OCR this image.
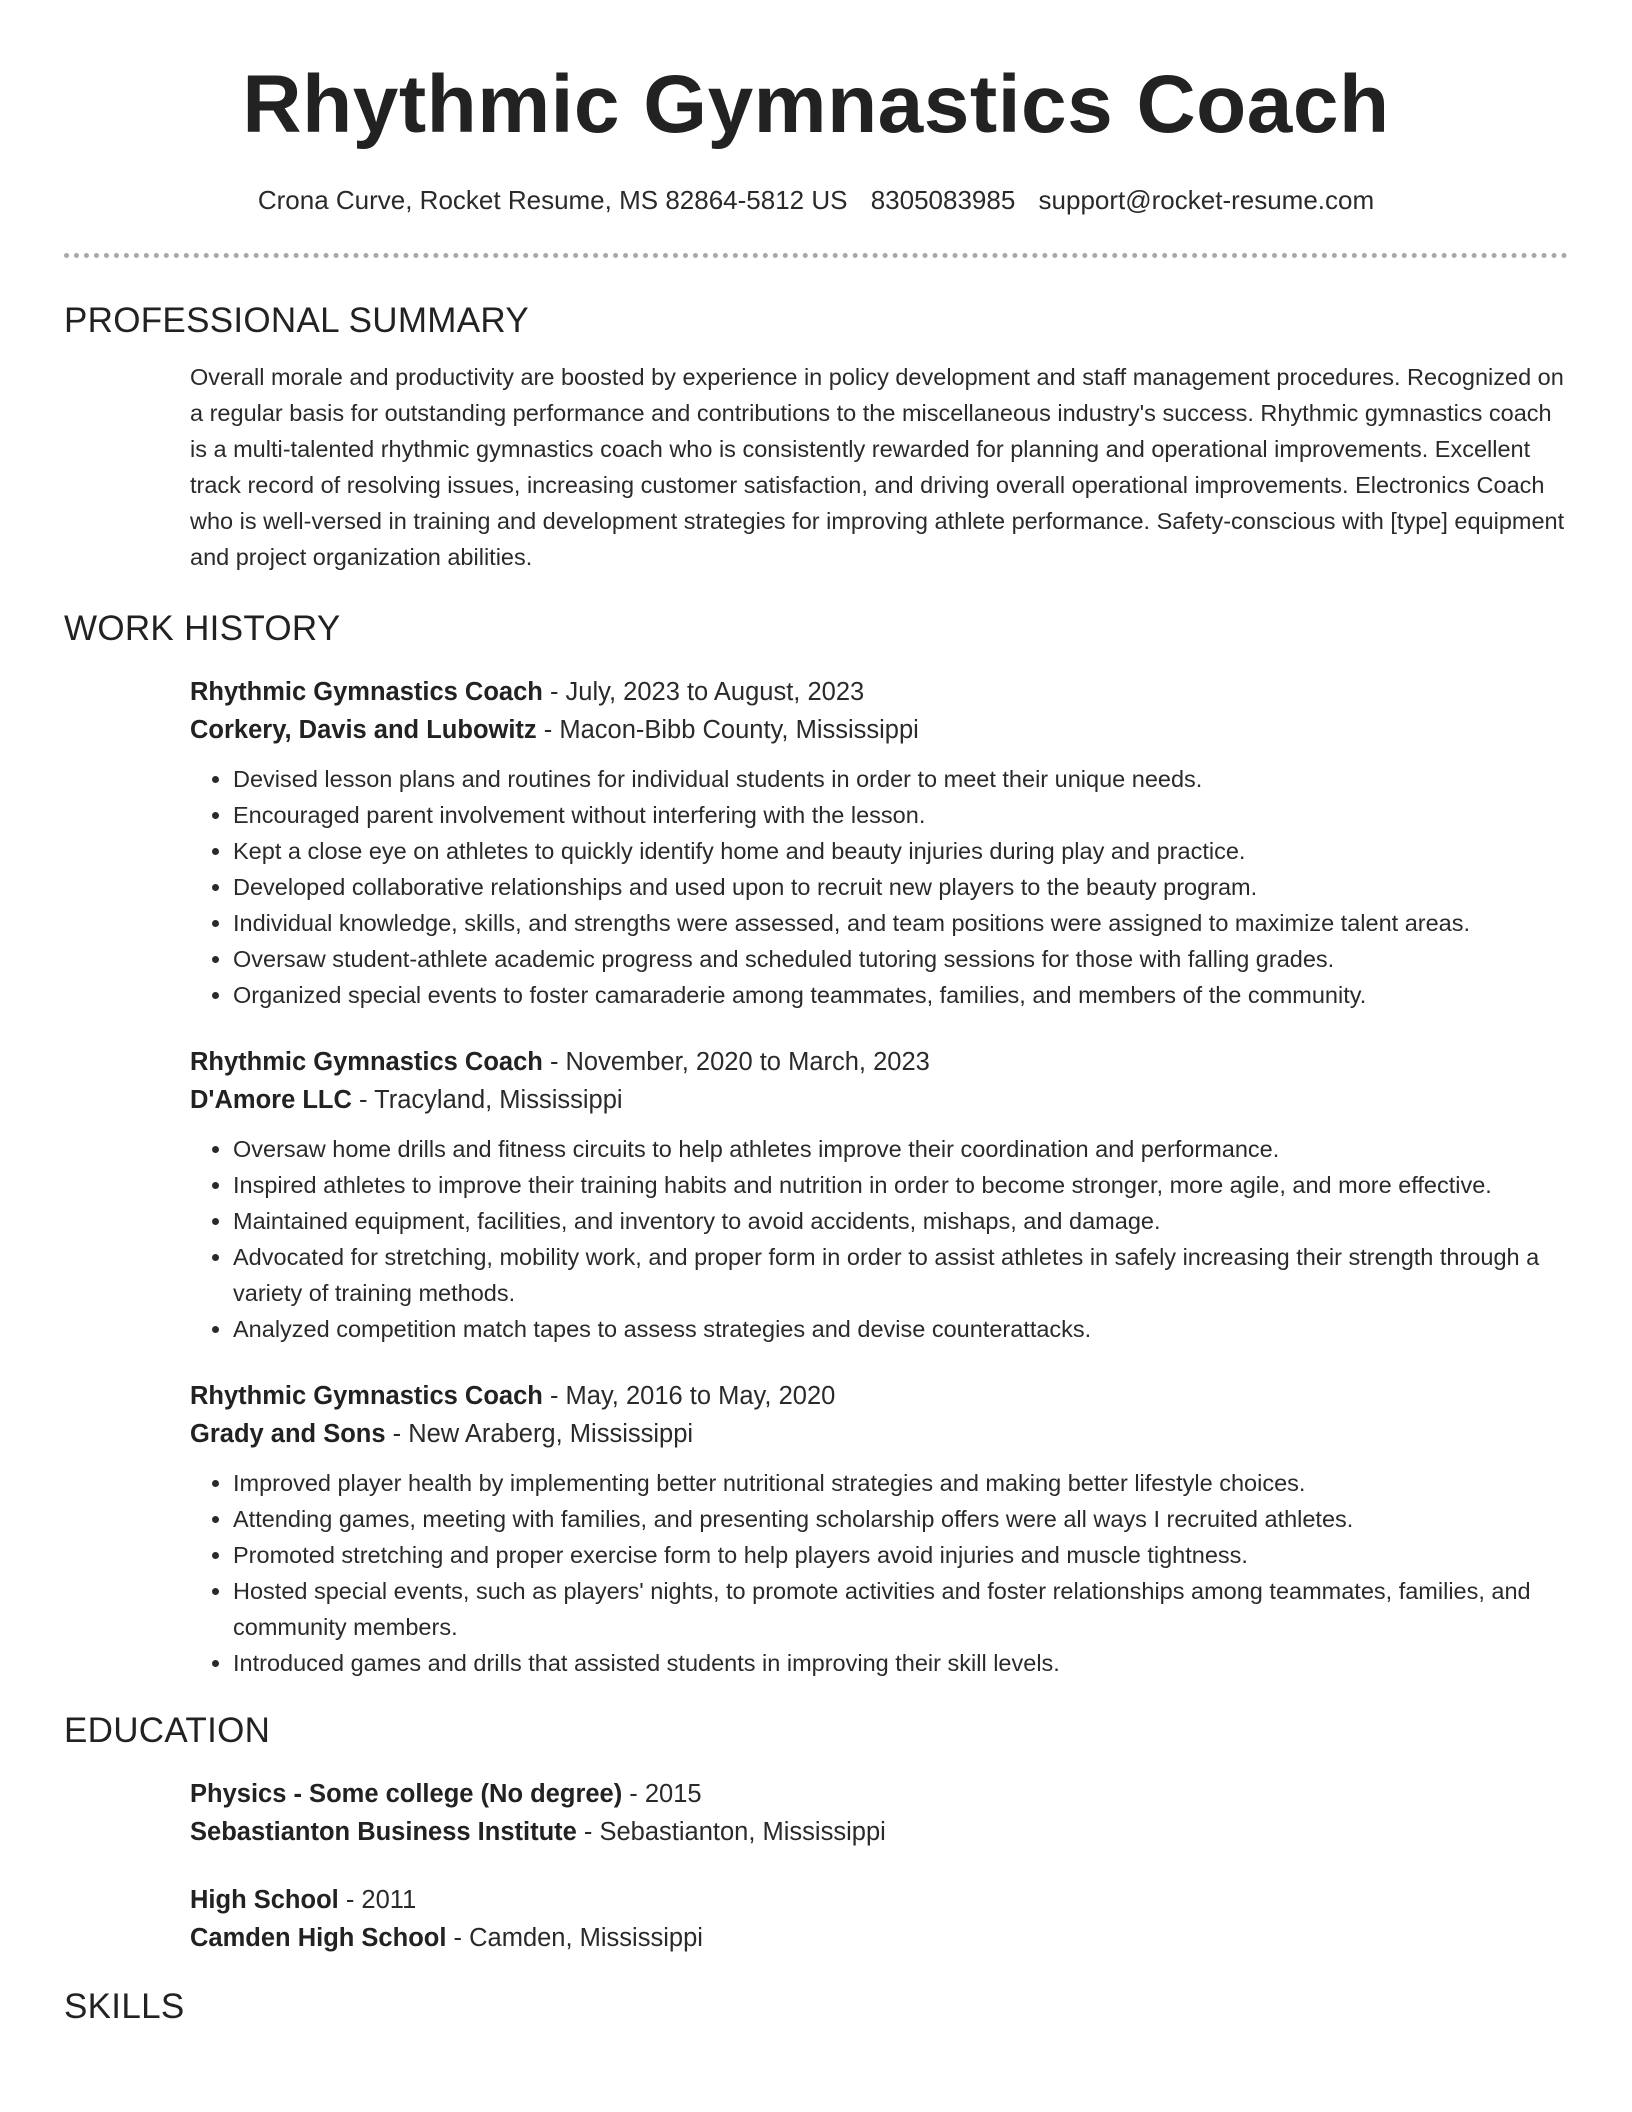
Rhythmic Gymnastics Coach
Crona Curve, Rocket Resume, MS 82864-5812 US 8305083985 support@rocket-resume.com
PROFESSIONAL SUMMARY

Overall morale and productivity are boosted by experience in policy development and staff management procedures. Recognized on a regular basis for outstanding performance and contributions to the miscellaneous industry's success. Rhythmic gymnastics coach is a multi-talented rhythmic gymnastics coach who is consistently rewarded for planning and operational improvements. Excellent track record of resolving issues, increasing customer satisfaction, and driving overall operational improvements. Electronics Coach who is well-versed in training and development strategies for improving athlete performance. Safety-conscious with [type] equipment and project organization abilities.

WORK HISTORY
Rhythmic Gymnastics Coach - July, 2023 to August, 2023
Corkery, Davis and Lubowitz - Macon-Bibb County, Mississippi
• Devised lesson plans and routines for individual students in order to meet their unique needs.
• Encouraged parent involvement without interfering with the lesson.
• Kept a close eye on athletes to quickly identify home and beauty injuries during play and practice.
• Developed collaborative relationships and used upon to recruit new players to the beauty program.
• Individual knowledge, skills, and strengths were assessed, and team positions were assigned to maximize talent areas.
• Oversaw student-athlete academic progress and scheduled tutoring sessions for those with falling grades.
• Organized special events to foster camaraderie among teammates, families, and members of the community.
Rhythmic Gymnastics Coach - November, 2020 to March, 2023
D'Amore LLC - Tracyland, Mississippi
• Oversaw home drills and fitness circuits to help athletes improve their coordination and performance.
• Inspired athletes to improve their training habits and nutrition in order to become stronger, more agile, and more effective.
• Maintained equipment, facilities, and inventory to avoid accidents, mishaps, and damage.
• Advocated for stretching, mobility work, and proper form in order to assist athletes in safely increasing their strength through a variety of training methods.
• Analyzed competition match tapes to assess strategies and devise counterattacks.
Rhythmic Gymnastics Coach - May, 2016 to May, 2020
Grady and Sons - New Araberg, Mississippi
• Improved player health by implementing better nutritional strategies and making better lifestyle choices.
• Attending games, meeting with families, and presenting scholarship offers were all ways I recruited athletes.
• Promoted stretching and proper exercise form to help players avoid injuries and muscle tightness.
• Hosted special events, such as players' nights, to promote activities and foster relationships among teammates, families, and community members.
• Introduced games and drills that assisted students in improving their skill levels.
EDUCATION
Physics - Some college (No degree) - 2015
Sebastianton Business Institute - Sebastianton, Mississippi
High School - 2011
Camden High School - Camden, Mississippi
SKILLS
